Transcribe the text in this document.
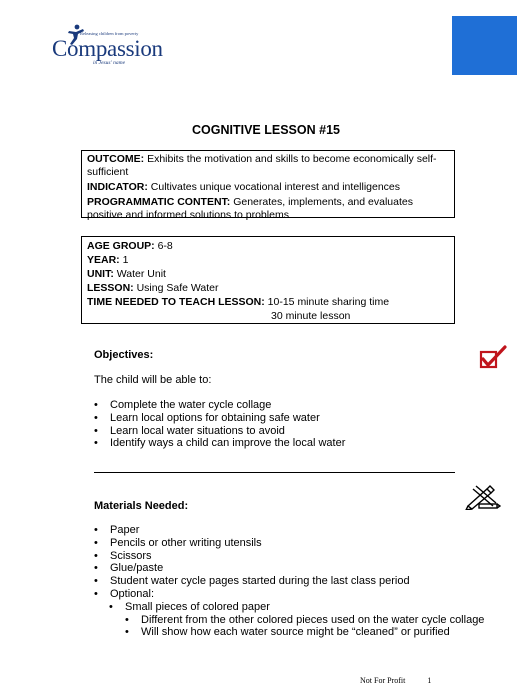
Releasing children from poverty
Compassion
in Jesus' name
COGNITIVE LESSON #15

OUTCOME: Exhibits the motivation and skills to become economically self-sufficient

INDICATOR: Cultivates unique vocational interest and intelligences

PROGRAMMATIC CONTENT: Generates, implements, and evaluates positive and informed solutions to problems

AGE GROUP: 6-8

YEAR: 1

UNIT: Water Unit

LESSON: Using Safe Water

TIME NEEDED TO TEACH LESSON: 10-15 minute sharing time

30 minute lesson

Objectives:
The child will be able to:
• Complete the water cycle collage
• Learn local options for obtaining safe water
• Learn local water situations to avoid
• Identify ways a child can improve the local water
Materials Needed:
• Paper
• Pencils or other writing utensils
• Scissors
• Glue/paste
• Student water cycle pages started during the last class period
• Optional:
• Small pieces of colored paper
• Different from the other colored pieces used on the water cycle collage
• Will show how each water source might be “cleaned” or purified
Not For Profit	1
